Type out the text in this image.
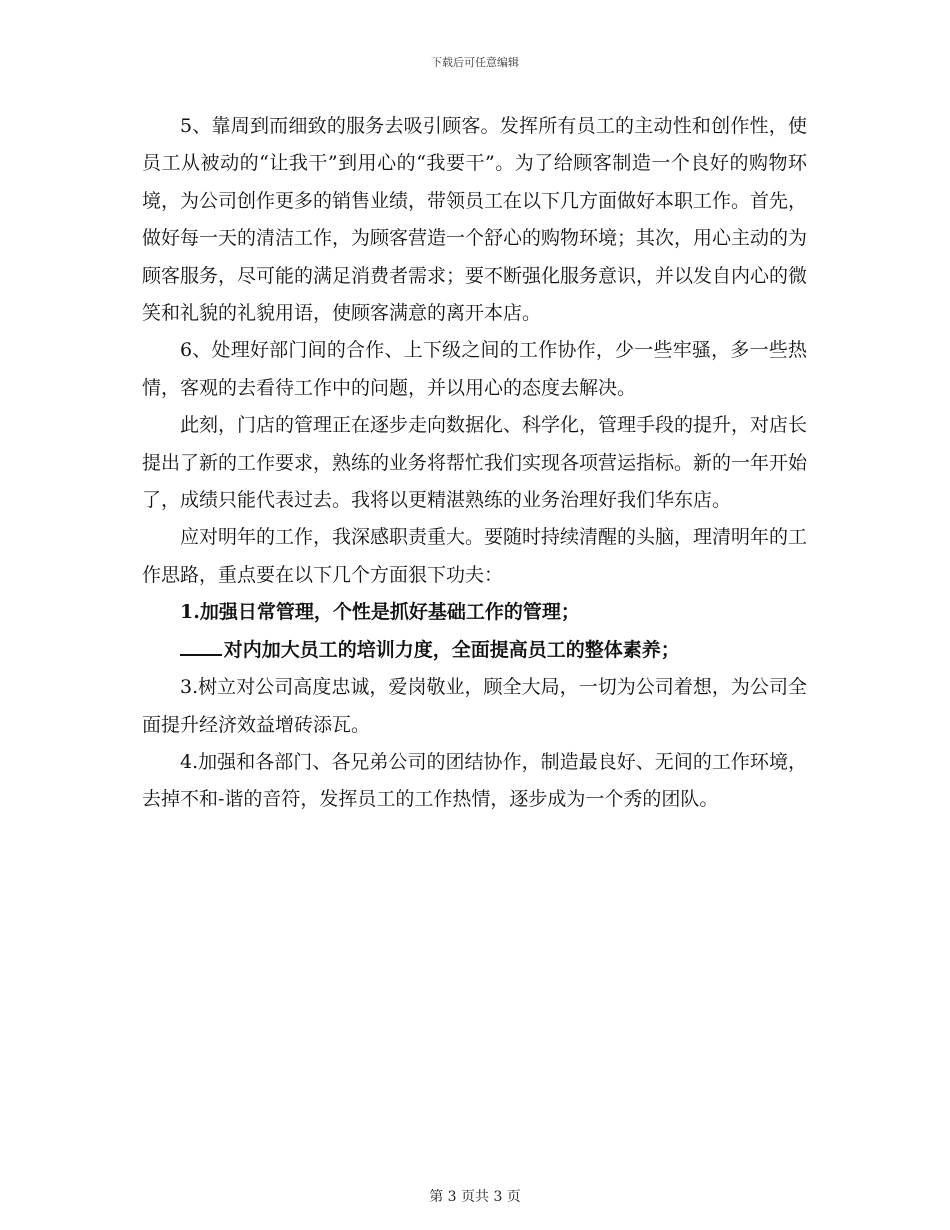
下载后可任意编辑

5、靠周到而细致的服务去吸引顾客。发挥所有员工的主动性和创作性，使员工从被动的“让我干”到用心的“我要干”。为了给顾客制造一个良好的购物环境，为公司创作更多的销售业绩，带领员工在以下几方面做好本职工作。首先，做好每一天的清洁工作，为顾客营造一个舒心的购物环境；其次，用心主动的为顾客服务，尽可能的满足消费者需求；要不断强化服务意识，并以发自内心的微笑和礼貌的礼貌用语，使顾客满意的离开本店。

6、处理好部门间的合作、上下级之间的工作协作，少一些牢骚，多一些热情，客观的去看待工作中的问题，并以用心的态度去解决。

此刻，门店的管理正在逐步走向数据化、科学化，管理手段的提升，对店长提出了新的工作要求，熟练的业务将帮忙我们实现各项营运指标。新的一年开始了，成绩只能代表过去。我将以更精湛熟练的业务治理好我们华东店。

应对明年的工作，我深感职责重大。要随时持续清醒的头脑，理清明年的工作思路，重点要在以下几个方面狠下功夫：

1.加强日常管理，个性是抓好基础工作的管理；

对内加大员工的培训力度，全面提高员工的整体素养；

3.树立对公司高度忠诚，爱岗敬业，顾全大局，一切为公司着想，为公司全面提升经济效益增砖添瓦。

4.加强和各部门、各兄弟公司的团结协作，制造最良好、无间的工作环境，去掉不和-谐的音符，发挥员工的工作热情，逐步成为一个秀的团队。

第 3 页共 3 页
